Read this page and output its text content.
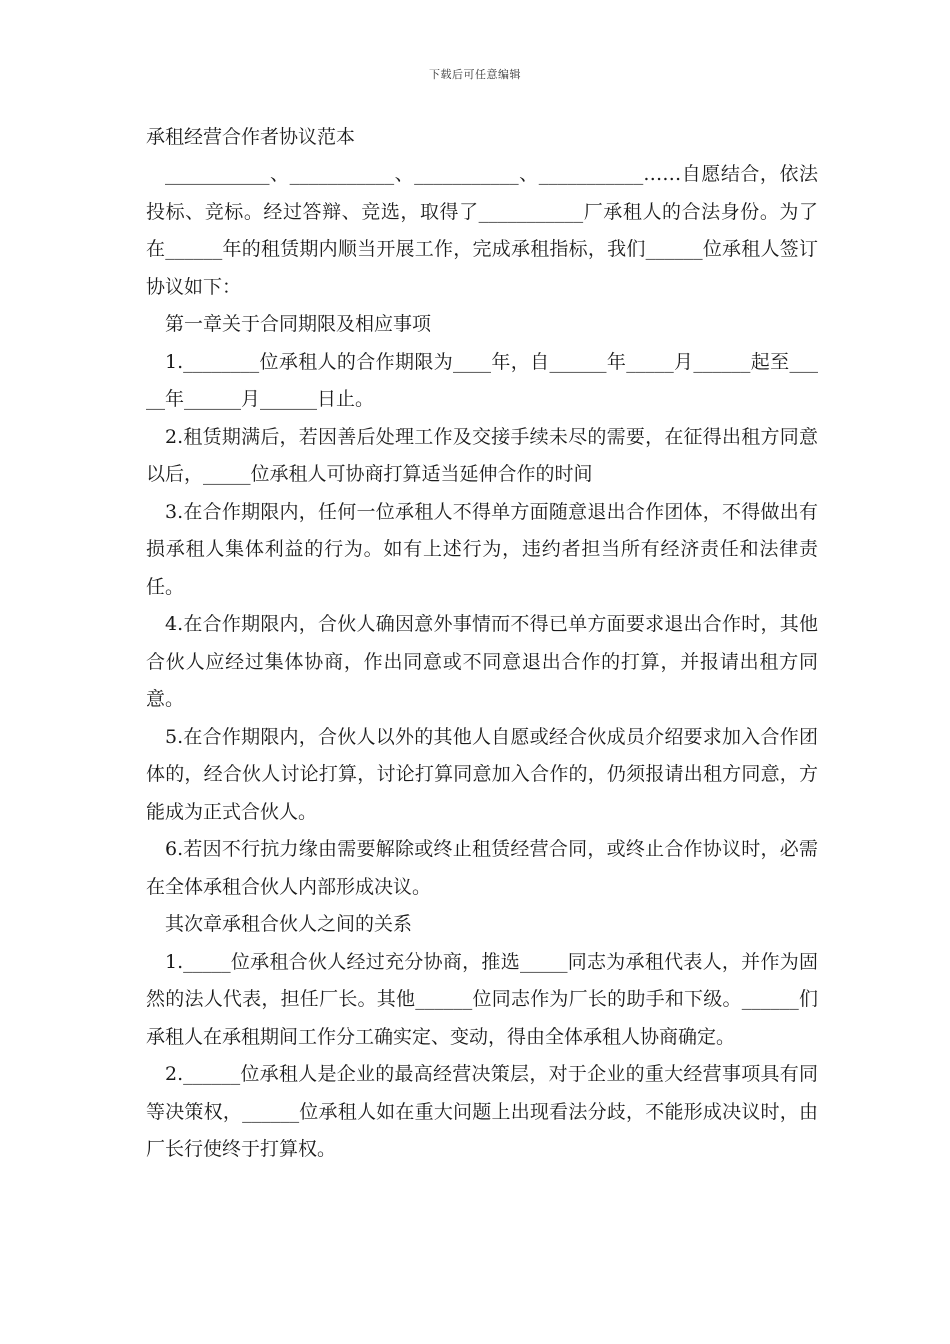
下载后可任意编辑
承租经营合作者协议范本

___________、___________、___________、___________……自愿结合，依法投标、竞标。经过答辩、竞选，取得了___________厂承租人的合法身份。为了在______年的租赁期内顺当开展工作，完成承租指标，我们______位承租人签订协议如下：

第一章关于合同期限及相应事项

1.________位承租人的合作期限为____年，自______年_____月______起至_____年______月______日止。

2.租赁期满后，若因善后处理工作及交接手续未尽的需要，在征得出租方同意以后，_____位承租人可协商打算适当延伸合作的时间

3.在合作期限内，任何一位承租人不得单方面随意退出合作团体，不得做出有损承租人集体利益的行为。如有上述行为，违约者担当所有经济责任和法律责任。

4.在合作期限内，合伙人确因意外事情而不得已单方面要求退出合作时，其他合伙人应经过集体协商，作出同意或不同意退出合作的打算，并报请出租方同意。

5.在合作期限内，合伙人以外的其他人自愿或经合伙成员介绍要求加入合作团体的，经合伙人讨论打算，讨论打算同意加入合作的，仍须报请出租方同意，方能成为正式合伙人。

6.若因不行抗力缘由需要解除或终止租赁经营合同，或终止合作协议时，必需在全体承租合伙人内部形成决议。

其次章承租合伙人之间的关系

1._____位承租合伙人经过充分协商，推选_____同志为承租代表人，并作为固然的法人代表，担任厂长。其他______位同志作为厂长的助手和下级。______们承租人在承租期间工作分工确实定、变动，得由全体承租人协商确定。

2.______位承租人是企业的最高经营决策层，对于企业的重大经营事项具有同等决策权，______位承租人如在重大问题上出现看法分歧，不能形成决议时，由厂长行使终于打算权。
